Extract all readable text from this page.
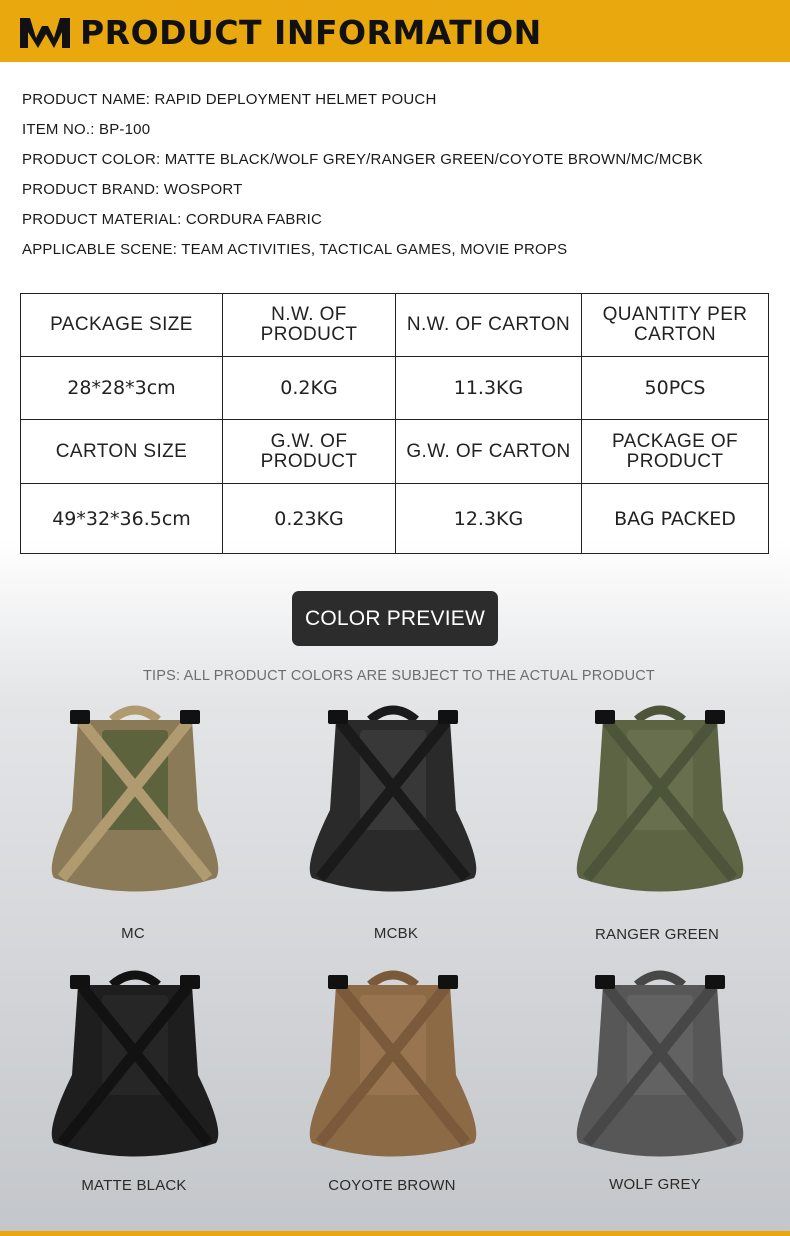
PRODUCT INFORMATION
PRODUCT NAME: RAPID DEPLOYMENT HELMET POUCH
ITEM NO.: BP-100
PRODUCT COLOR: MATTE BLACK/WOLF GREY/RANGER GREEN/COYOTE BROWN/MC/MCBK
PRODUCT BRAND: WOSPORT
PRODUCT MATERIAL: CORDURA FABRIC
APPLICABLE SCENE: TEAM ACTIVITIES, TACTICAL GAMES, MOVIE PROPS
PACKAGE SIZE	N.W. OF PRODUCT	N.W. OF CARTON	QUANTITY PER CARTON
28*28*3cm	0.2KG	11.3KG	50PCS
CARTON SIZE	G.W. OF PRODUCT	G.W. OF CARTON	PACKAGE OF PRODUCT
49*32*36.5cm	0.23KG	12.3KG	BAG PACKED
COLOR PREVIEW
TIPS: ALL PRODUCT COLORS ARE SUBJECT TO THE ACTUAL PRODUCT
MC	MCBK	RANGER GREEN
MATTE BLACK	COYOTE BROWN	WOLF GREY
